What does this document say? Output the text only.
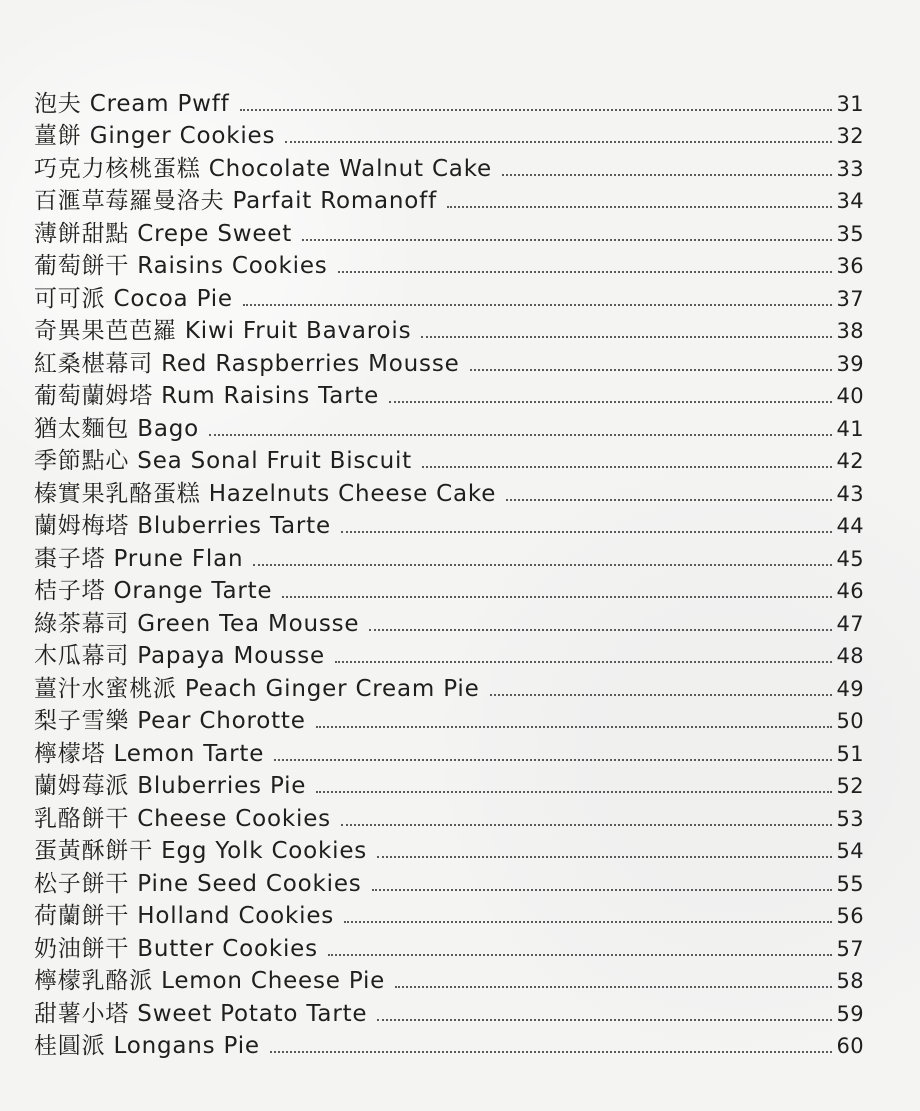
泡夫 Cream Pwff	31
薑餅 Ginger Cookies	32
巧克力核桃蛋糕 Chocolate Walnut Cake	33
百滙草莓羅曼洛夫 Parfait Romanoff	34
薄餅甜點 Crepe Sweet	35
葡萄餅干 Raisins Cookies	36
可可派 Cocoa Pie	37
奇異果芭芭羅 Kiwi Fruit Bavarois	38
紅桑椹幕司 Red Raspberries Mousse	39
葡萄蘭姆塔 Rum Raisins Tarte	40
猶太麵包 Bago	41
季節點心 Sea Sonal Fruit Biscuit	42
榛實果乳酪蛋糕 Hazelnuts Cheese Cake	43
蘭姆梅塔 Bluberries Tarte	44
棗子塔 Prune Flan	45
桔子塔 Orange Tarte	46
綠茶幕司 Green Tea Mousse	47
木瓜幕司 Papaya Mousse	48
薑汁水蜜桃派 Peach Ginger Cream Pie	49
梨子雪樂 Pear Chorotte	50
檸檬塔 Lemon Tarte	51
蘭姆莓派 Bluberries Pie	52
乳酪餅干 Cheese Cookies	53
蛋黃酥餅干 Egg Yolk Cookies	54
松子餅干 Pine Seed Cookies	55
荷蘭餅干 Holland Cookies	56
奶油餅干 Butter Cookies	57
檸檬乳酪派 Lemon Cheese Pie	58
甜薯小塔 Sweet Potato Tarte	59
桂圓派 Longans Pie	60
